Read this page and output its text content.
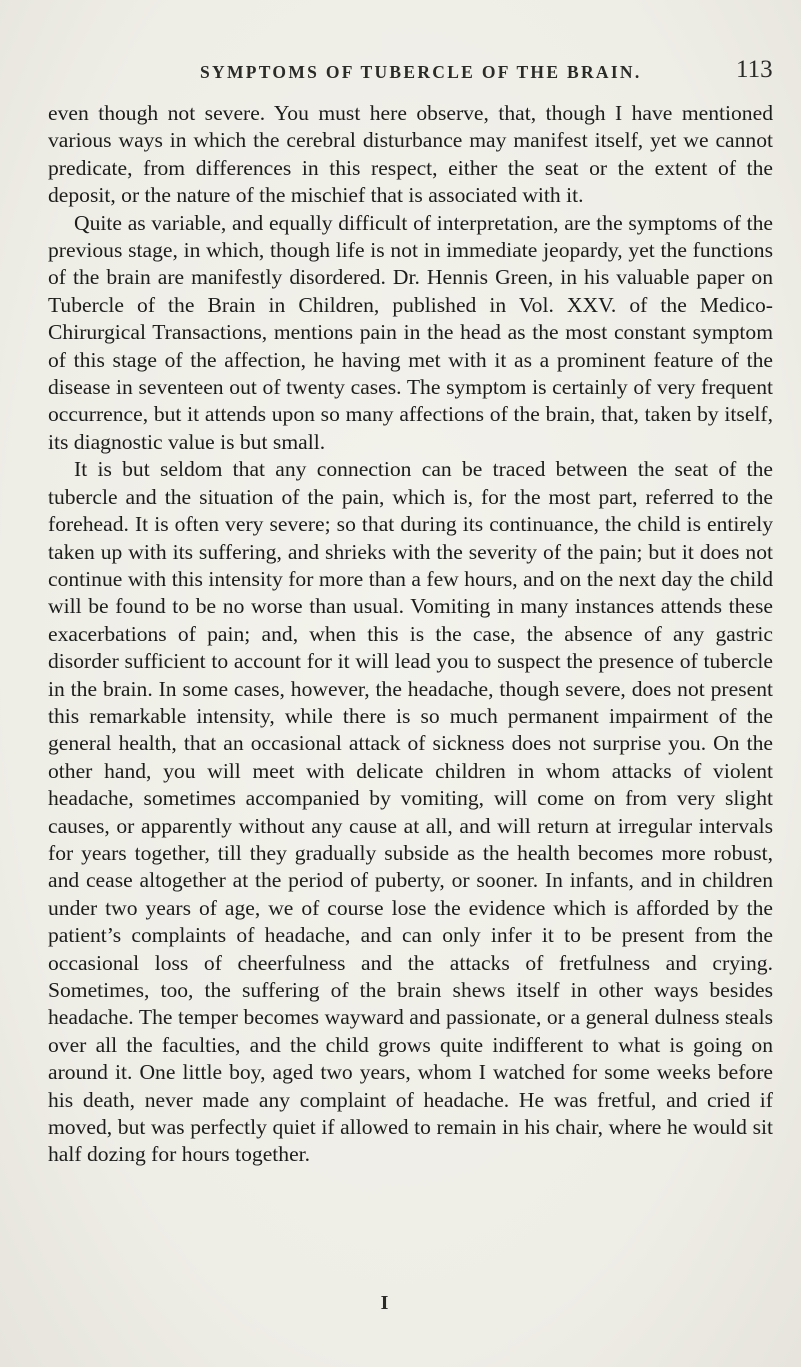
SYMPTOMS OF TUBERCLE OF THE BRAIN.	113

even though not severe. You must here observe, that, though I have mentioned various ways in which the cerebral disturbance may manifest itself, yet we cannot predicate, from differences in this respect, either the seat or the extent of the deposit, or the nature of the mischief that is associated with it.

Quite as variable, and equally difficult of interpretation, are the symptoms of the previous stage, in which, though life is not in immediate jeopardy, yet the functions of the brain are manifestly disordered. Dr. Hennis Green, in his valuable paper on Tubercle of the Brain in Children, published in Vol. XXV. of the Medico-Chirurgical Transactions, mentions pain in the head as the most constant symptom of this stage of the affection, he having met with it as a prominent feature of the disease in seventeen out of twenty cases. The symptom is certainly of very frequent occurrence, but it attends upon so many affections of the brain, that, taken by itself, its diagnostic value is but small.

It is but seldom that any connection can be traced between the seat of the tubercle and the situation of the pain, which is, for the most part, referred to the forehead. It is often very severe; so that during its continuance, the child is entirely taken up with its suffering, and shrieks with the severity of the pain; but it does not continue with this intensity for more than a few hours, and on the next day the child will be found to be no worse than usual. Vomiting in many instances attends these exacerbations of pain; and, when this is the case, the absence of any gastric disorder sufficient to account for it will lead you to suspect the presence of tubercle in the brain. In some cases, however, the headache, though severe, does not present this remarkable intensity, while there is so much permanent impairment of the general health, that an occasional attack of sickness does not surprise you. On the other hand, you will meet with delicate children in whom attacks of violent headache, sometimes accompanied by vomiting, will come on from very slight causes, or apparently without any cause at all, and will return at irregular intervals for years together, till they gradually subside as the health becomes more robust, and cease altogether at the period of puberty, or sooner. In infants, and in children under two years of age, we of course lose the evidence which is afforded by the patient’s complaints of headache, and can only infer it to be present from the occasional loss of cheerfulness and the attacks of fretfulness and crying. Sometimes, too, the suffering of the brain shews itself in other ways besides headache. The temper becomes wayward and passionate, or a general dulness steals over all the faculties, and the child grows quite indifferent to what is going on around it. One little boy, aged two years, whom I watched for some weeks before his death, never made any complaint of headache. He was fretful, and cried if moved, but was perfectly quiet if allowed to remain in his chair, where he would sit half dozing for hours together.

I
